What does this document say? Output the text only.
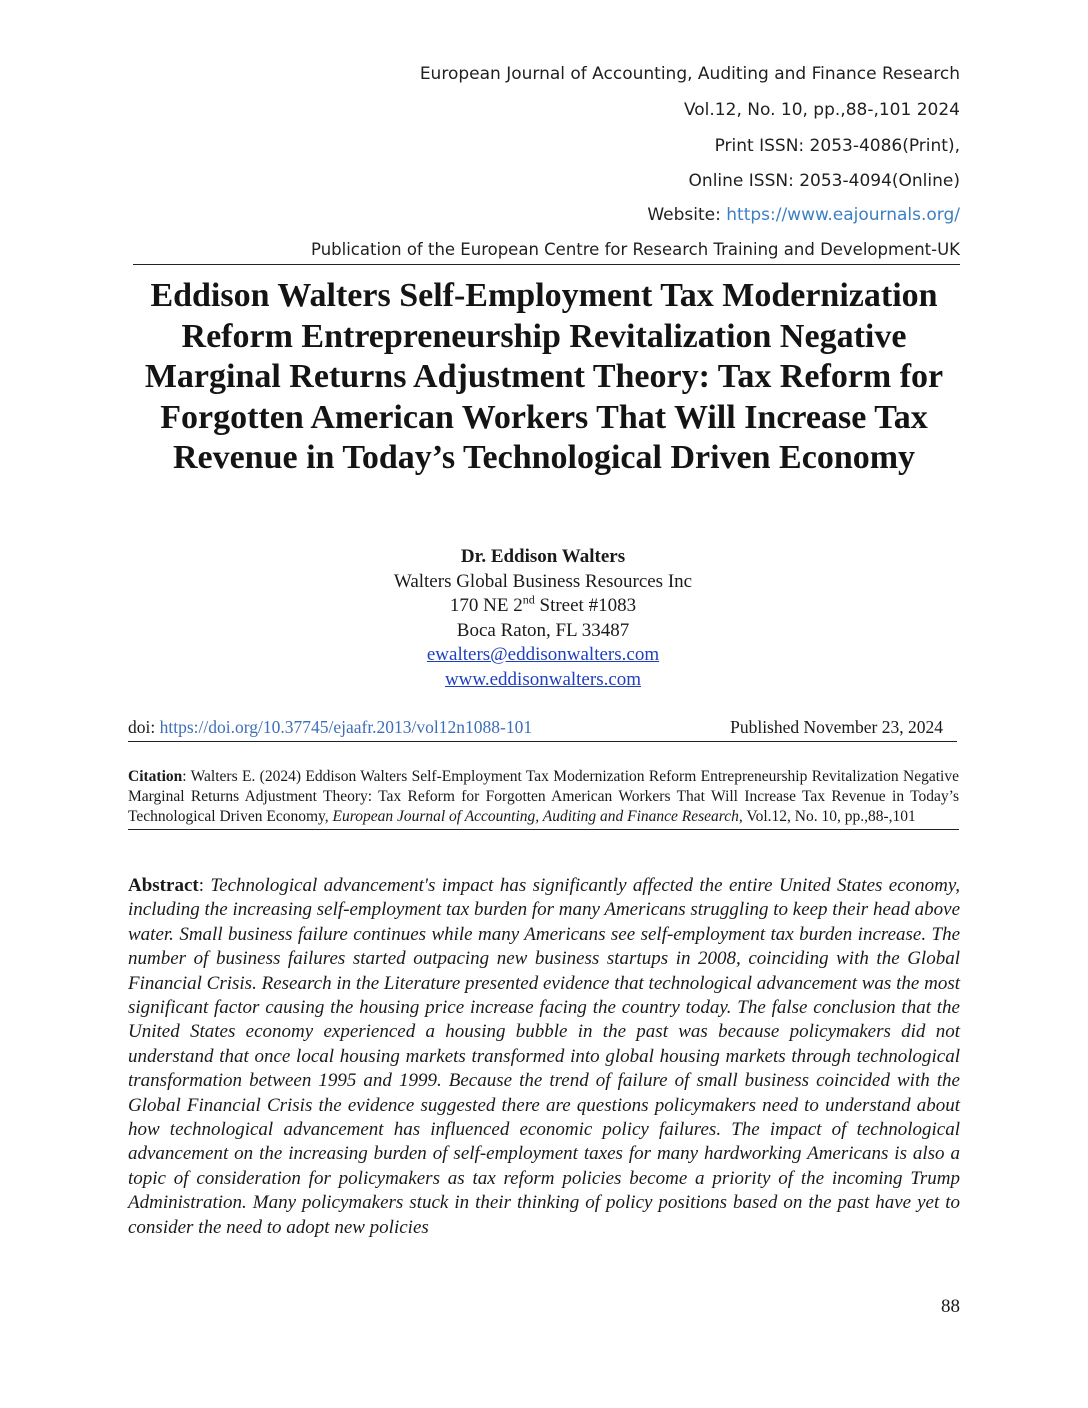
European Journal of Accounting, Auditing and Finance Research
Vol.12, No. 10, pp.,88-,101 2024
Print ISSN: 2053-4086(Print),
Online ISSN: 2053-4094(Online)
Website: https://www.eajournals.org/
Publication of the European Centre for Research Training and Development-UK
Eddison Walters Self-Employment Tax Modernization Reform Entrepreneurship Revitalization Negative Marginal Returns Adjustment Theory: Tax Reform for Forgotten American Workers That Will Increase Tax Revenue in Today’s Technological Driven Economy
Dr. Eddison Walters
Walters Global Business Resources Inc
170 NE 2nd Street #1083
Boca Raton, FL 33487
ewalters@eddisonwalters.com
www.eddisonwalters.com
doi: https://doi.org/10.37745/ejaafr.2013/vol12n1088-101	Published November 23, 2024
Citation: Walters E. (2024) Eddison Walters Self-Employment Tax Modernization Reform Entrepreneurship Revitalization Negative Marginal Returns Adjustment Theory: Tax Reform for Forgotten American Workers That Will Increase Tax Revenue in Today’s Technological Driven Economy, European Journal of Accounting, Auditing and Finance Research, Vol.12, No. 10, pp.,88-,101
Abstract: Technological advancement's impact has significantly affected the entire United States economy, including the increasing self-employment tax burden for many Americans struggling to keep their head above water. Small business failure continues while many Americans see self-employment tax burden increase. The number of business failures started outpacing new business startups in 2008, coinciding with the Global Financial Crisis. Research in the Literature presented evidence that technological advancement was the most significant factor causing the housing price increase facing the country today. The false conclusion that the United States economy experienced a housing bubble in the past was because policymakers did not understand that once local housing markets transformed into global housing markets through technological transformation between 1995 and 1999. Because the trend of failure of small business coincided with the Global Financial Crisis the evidence suggested there are questions policymakers need to understand about how technological advancement has influenced economic policy failures. The impact of technological advancement on the increasing burden of self-employment taxes for many hardworking Americans is also a topic of consideration for policymakers as tax reform policies become a priority of the incoming Trump Administration. Many policymakers stuck in their thinking of policy positions based on the past have yet to consider the need to adopt new policies
88
